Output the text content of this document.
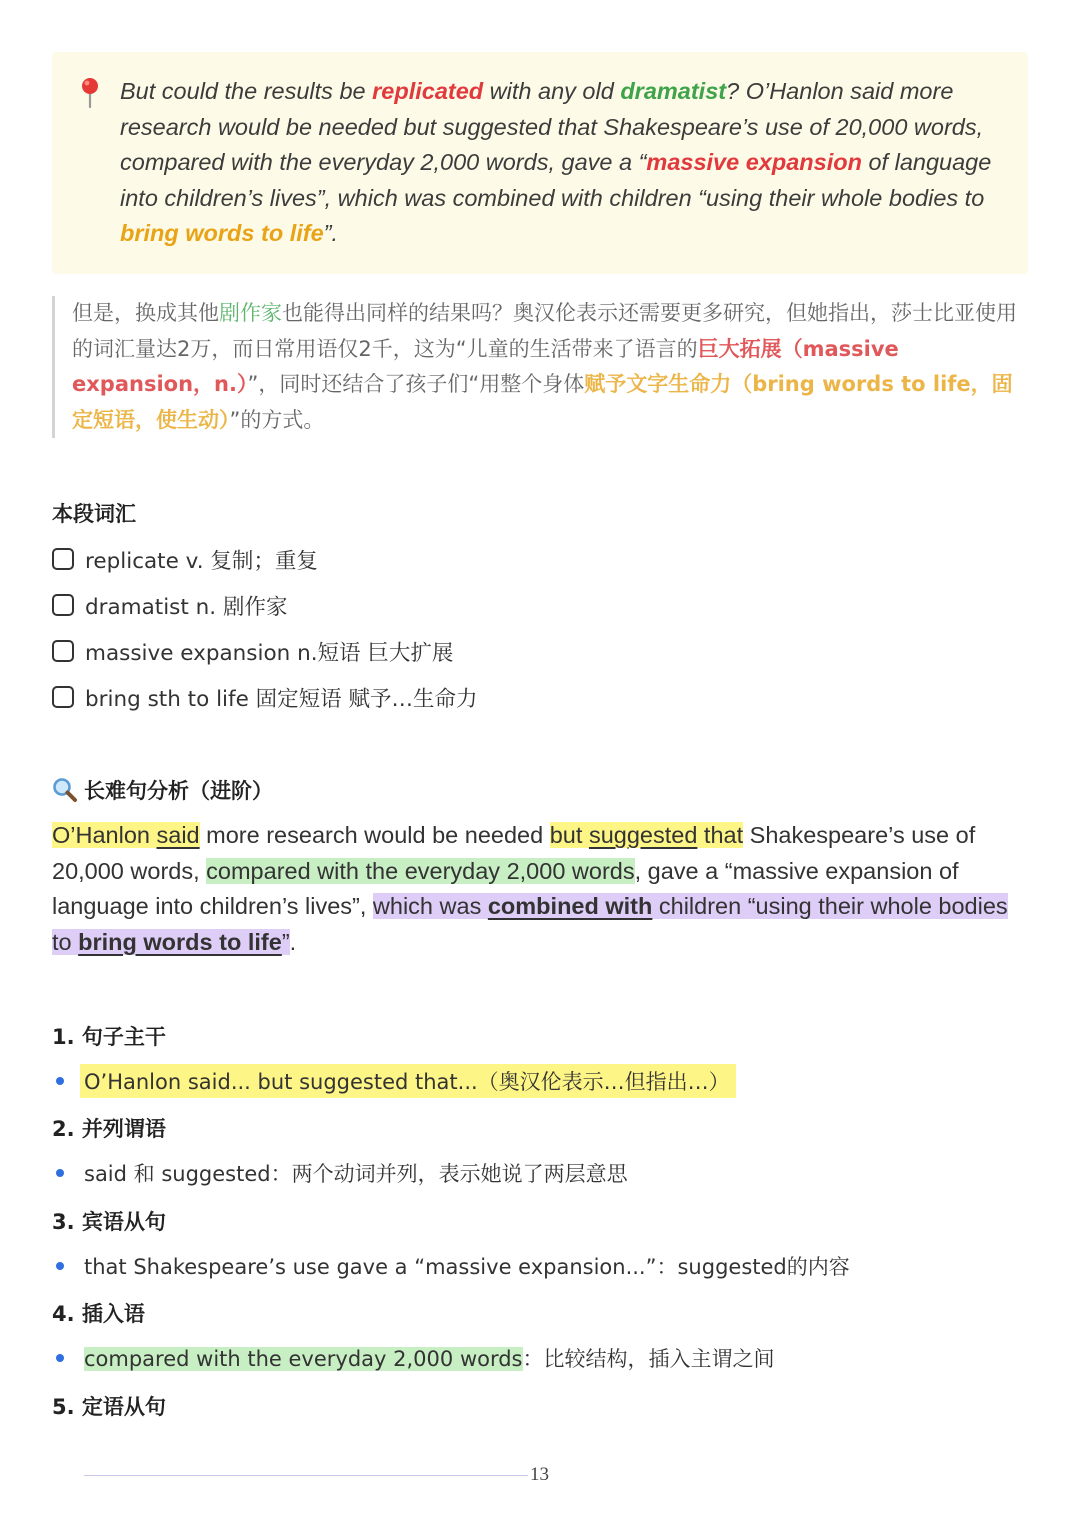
But could the results be replicated with any old dramatist? O’Hanlon said more research would be needed but suggested that Shakespeare’s use of 20,000 words, compared with the everyday 2,000 words, gave a “massive expansion of language into children’s lives”, which was combined with children “using their whole bodies to bring words to life”.

但是，换成其他剧作家也能得出同样的结果吗？奥汉伦表示还需要更多研究，但她指出，莎士比亚使用的词汇量达2万，而日常用语仅2千，这为“儿童的生活带来了语言的巨大拓展（massive expansion，n.）”，同时还结合了孩子们“用整个身体赋予文字生命力（bring words to life，固定短语，使生动）”的方式。
本段词汇
replicate v. 复制；重复
dramatist n. 剧作家
massive expansion n.短语 巨大扩展
bring sth to life 固定短语 赋予…生命力
长难句分析（进阶）
O’Hanlon said more research would be needed but suggested that Shakespeare’s use of 20,000 words, compared with the everyday 2,000 words, gave a “massive expansion of language into children’s lives”, which was combined with children “using their whole bodies to bring words to life”.
1. 句子主干
O’Hanlon said... but suggested that...（奥汉伦表示…但指出…）
2. 并列谓语
said 和 suggested：两个动词并列，表示她说了两层意思
3. 宾语从句
that Shakespeare’s use gave a “massive expansion...”：suggested的内容
4. 插入语
compared with the everyday 2,000 words：比较结构，插入主谓之间
5. 定语从句
13
